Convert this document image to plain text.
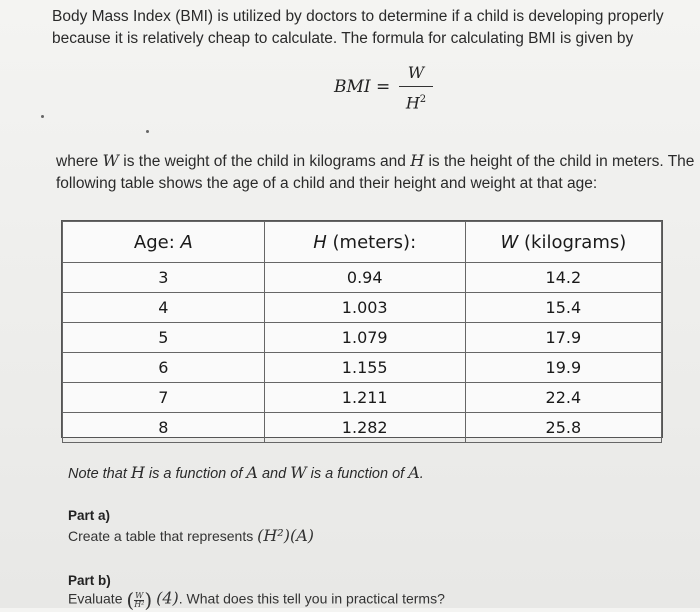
Body Mass Index (BMI) is utilized by doctors to determine if a child is developing properly
because it is relatively cheap to calculate. The formula for calculating BMI is given by
BMI =
W
$H^2$
where W is the weight of the child in kilograms and H is the height of the child in meters. The
following table shows the age of a child and their height and weight at that age:
Age: A	H (meters):	W (kilograms)
3	0.94	14.2
4	1.003	15.4
5	1.079	17.9
6	1.155	19.9
7	1.211	22.4
8	1.282	25.8
Note that H is a function of A and W is a function of A.
Part a)
Create a table that represents (H²)(A)
Part b)
Evaluate ($\frac{W}{\text{H²}}$ ) (4). What does this tell you in practical terms?
